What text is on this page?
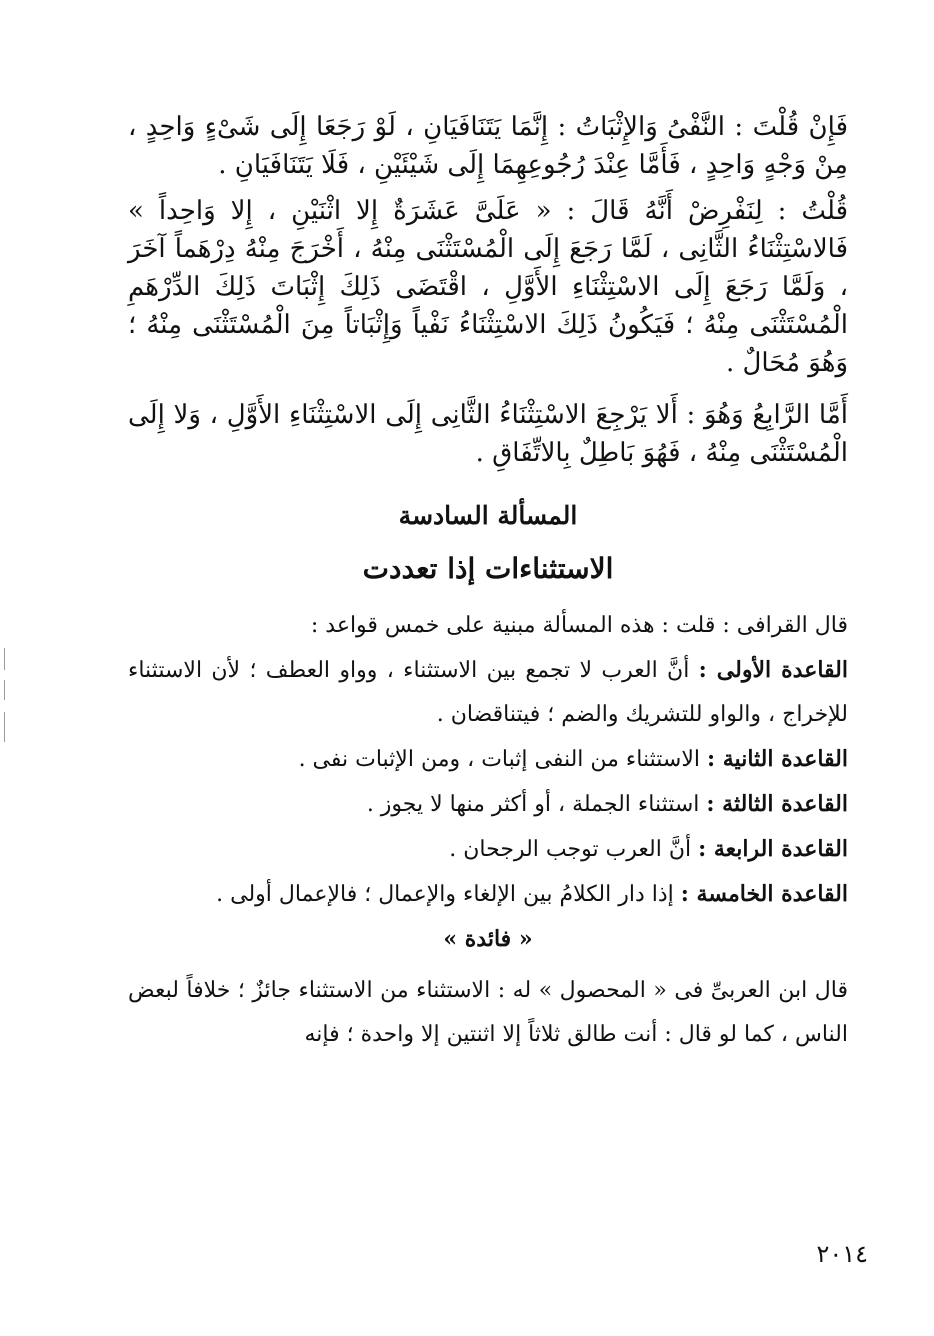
فَإِنْ قُلْتَ : النَّفْىُ وَالإِثْبَاتُ : إِنَّمَا يَتَنَافَيَانِ ، لَوْ رَجَعَا إِلَى شَىْءٍ وَاحِدٍ ، مِنْ وَجْهٍ وَاحِدٍ ، فَأَمَّا عِنْدَ رُجُوعِهِمَا إِلَى شَيْئَيْنِ ، فَلَا يَتَنَافَيَانِ .

قُلْتُ : لِنَفْرِضْ أَنَّهُ قَالَ : « عَلَىَّ عَشَرَةٌ إِلا اثْنَيْنِ ، إِلا وَاحِداً » فَالاسْتِثْنَاءُ الثَّانِى ، لَمَّا رَجَعَ إِلَى الْمُسْتَثْنَى مِنْهُ ، أَخْرَجَ مِنْهُ دِرْهَماً آخَرَ ، وَلَمَّا رَجَعَ إِلَى الاسْتِثْنَاءِ الأَوَّلِ ، اقْتَضَى ذَلِكَ إِثْبَاتَ ذَلِكَ الدِّرْهَمِ الْمُسْتَثْنَى مِنْهُ ؛ فَيَكُونُ ذَلِكَ الاسْتِثْنَاءُ نَفْياً وَإِثْبَاتاً مِنَ الْمُسْتَثْنَى مِنْهُ ؛ وَهُوَ مُحَالٌ .

أَمَّا الرَّابِعُ وَهُوَ : أَلا يَرْجِعَ الاسْتِثْنَاءُ الثَّانِى إِلَى الاسْتِثْنَاءِ الأَوَّلِ ، وَلا إِلَى الْمُسْتَثْنَى مِنْهُ ، فَهُوَ بَاطِلٌ بِالاتِّفَاقِ .

المسألة السادسة
الاستثناءات إذا تعددت

قال القرافى : قلت : هذه المسألة مبنية على خمس قواعد :

القاعدة الأولى : أنَّ العرب لا تجمع بين الاستثناء ، وواو العطف ؛ لأن الاستثناء للإخراج ، والواو للتشريك والضم ؛ فيتناقضان .

القاعدة الثانية : الاستثناء من النفى إثبات ، ومن الإثبات نفى .

القاعدة الثالثة : استثناء الجملة ، أو أكثر منها لا يجوز .

القاعدة الرابعة : أنَّ العرب توجب الرجحان .

القاعدة الخامسة : إذا دار الكلامُ بين الإلغاء والإعمال ؛ فالإعمال أولى .

« فائدة »

قال ابن العربىِّ فى « المحصول » له : الاستثناء من الاستثناء جائزٌ ؛ خلافاً لبعض الناس ، كما لو قال : أنت طالق ثلاثاً إلا اثنتين إلا واحدة ؛ فإنه

٢٠١٤
